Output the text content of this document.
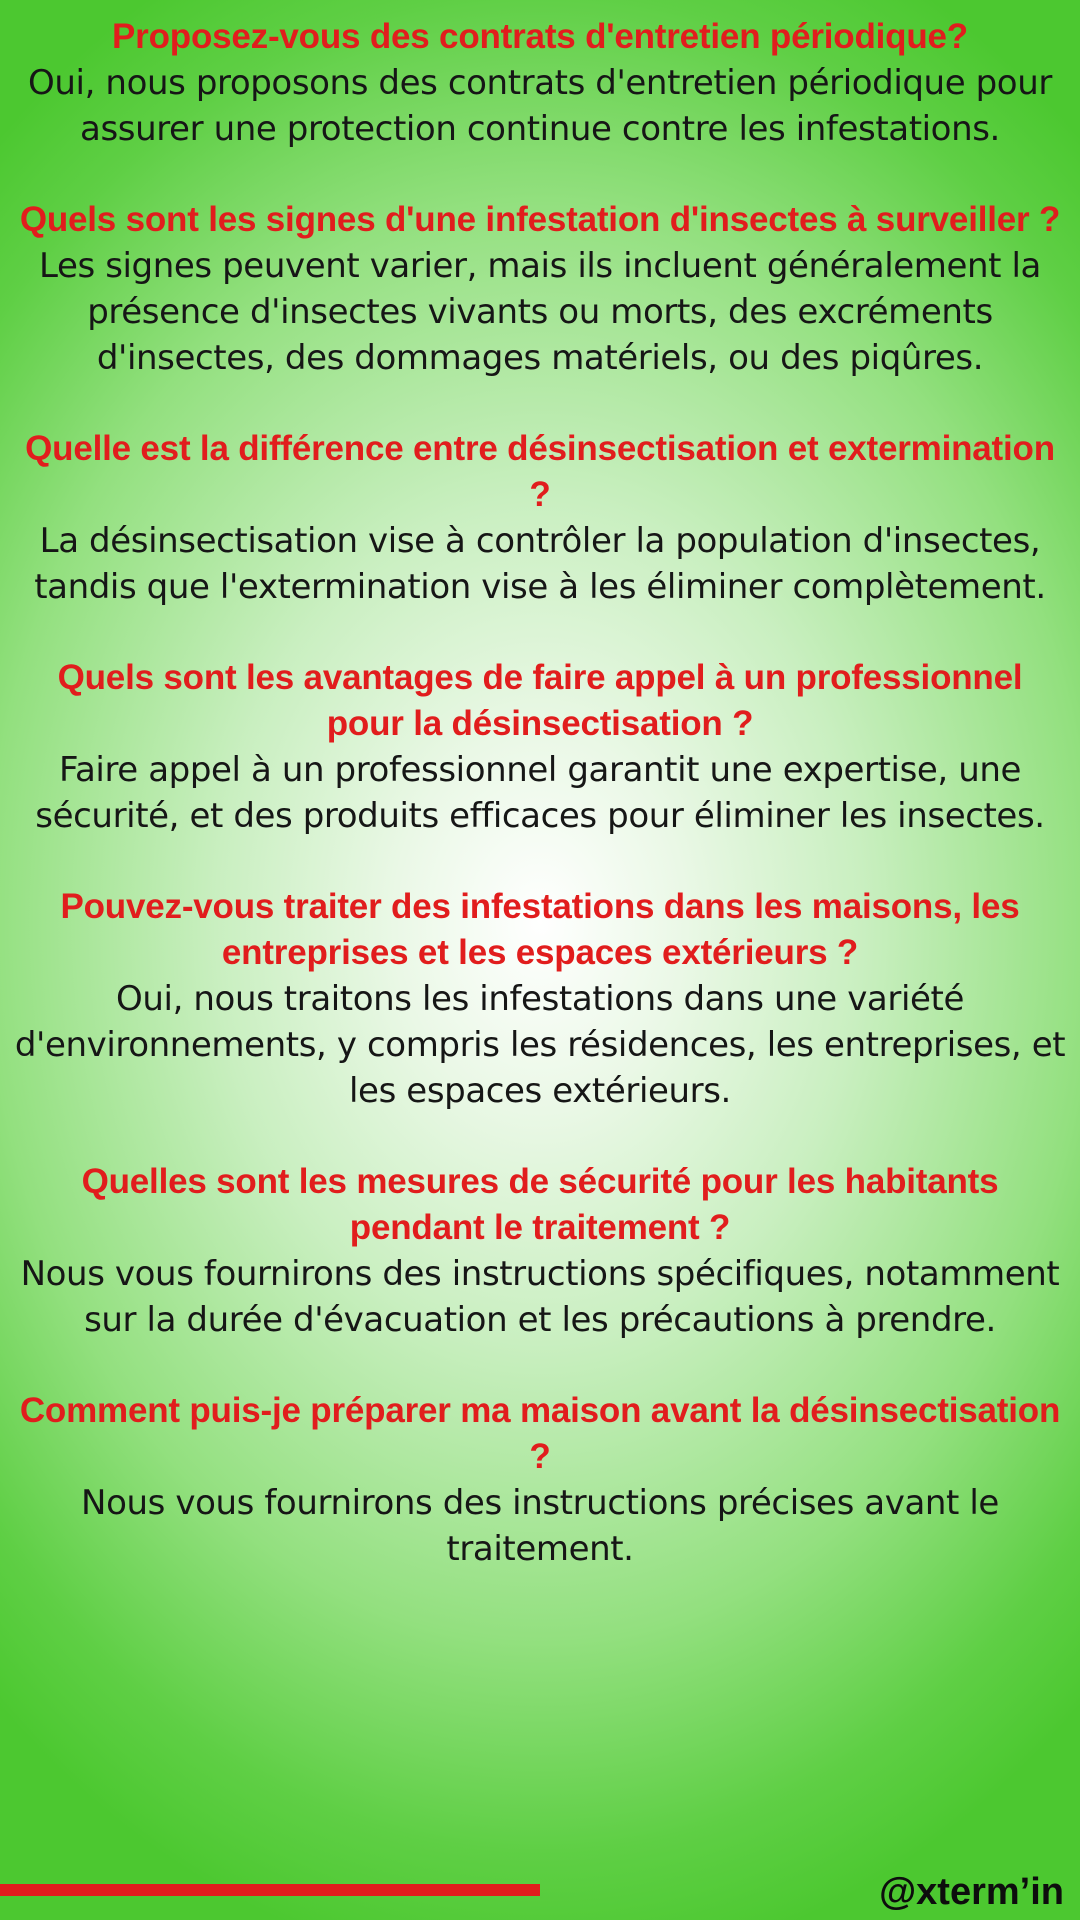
Proposez-vous des contrats d'entretien périodique?
Oui, nous proposons des contrats d'entretien périodique pour assurer une protection continue contre les infestations.
Quels sont les signes d'une infestation d'insectes à surveiller ?
Les signes peuvent varier, mais ils incluent généralement la présence d'insectes vivants ou morts, des excréments d'insectes, des dommages matériels, ou des piqûres.
Quelle est la différence entre désinsectisation et extermination ?
La désinsectisation vise à contrôler la population d'insectes, tandis que l'extermination vise à les éliminer complètement.
Quels sont les avantages de faire appel à un professionnel pour la désinsectisation ?
Faire appel à un professionnel garantit une expertise, une sécurité, et des produits efficaces pour éliminer les insectes.
Pouvez-vous traiter des infestations dans les maisons, les entreprises et les espaces extérieurs ?
Oui, nous traitons les infestations dans une variété d'environnements, y compris les résidences, les entreprises, et les espaces extérieurs.
Quelles sont les mesures de sécurité pour les habitants pendant le traitement ?
Nous vous fournirons des instructions spécifiques, notamment sur la durée d'évacuation et les précautions à prendre.
Comment puis-je préparer ma maison avant la désinsectisation ?
Nous vous fournirons des instructions précises avant le traitement.
@xterm’in
